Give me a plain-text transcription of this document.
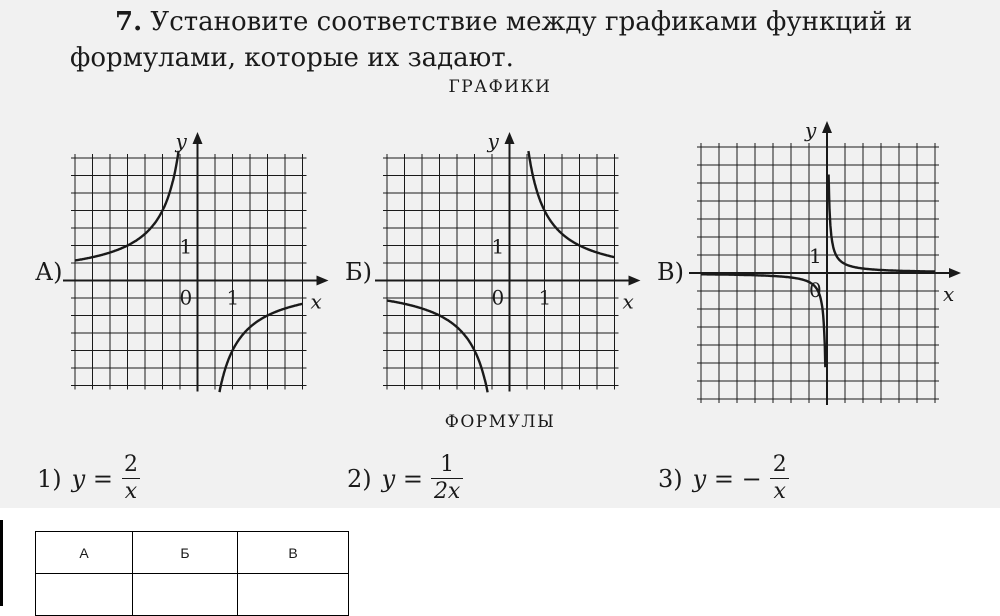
7. Установите соответствие между графиками функций и формулами, которые их задают.
ГРАФИКИ
А)
y
x
0
1
1
Б)
y
x
0
1
1
В)
y
x
0
1
ФОРМУЛЫ
1) $y = \frac{2}{x}$	2) $y = \frac{1}{2x}$	3) y = − $\frac{2}{x}$
А	Б	В
